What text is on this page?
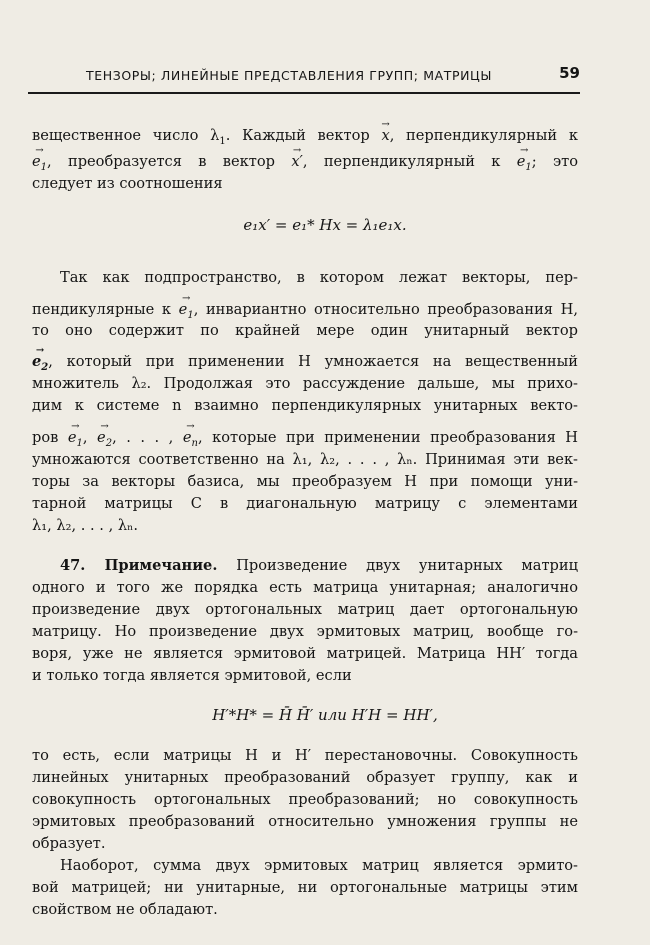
ТЕНЗОРЫ; ЛИНЕЙНЫЕ ПРЕДСТАВЛЕНИЯ ГРУПП; МАТРИЦЫ	59
вещественное число $\lambda_1$. Каждый вектор → x, перпендикулярный к
→ $e_1$, преобразуется в вектор → x′, перпендикулярный $к \to e_1$; это
следует из соотношения
e₁x′ = e₁* Hx = λ₁e₁x.
Так как подпространство, в котором лежат векторы, пер-
пендикулярные $к \to e_1$, инвариантно относительно преобразования H,
то оно содержит по крайней мере один унитарный вектор
→ $e_2$, который при применении H умножается на вещественный
множитель λ₂. Продолжая это рассуждение дальше, мы прихо-
дим к системе n взаимно перпендикулярных унитарных векто-
ров → $e_1$, → $e_2$, . . . , → $e_n$, которые при применении преобразования H
умножаются соответственно на λ₁, λ₂, . . . , λₙ. Принимая эти век-
торы за векторы базиса, мы преобразуем H при помощи уни-
тарной матрицы C в диагональную матрицу с элементами
λ₁, λ₂, . . . , λₙ.
47. Примечание. Произведение двух унитарных матриц
одного и того же порядка есть матрица унитарная; аналогично
произведение двух ортогональных матриц дает ортогональную
матрицу. Но произведение двух эрмитовых матриц, вообще го-
воря, уже не является эрмитовой матрицей. Матрица HH′ тогда
и только тогда является эрмитовой, если
H′*H* = H̄ H̄′ или H′H = HH′,
то есть, если матрицы H и H′ перестановочны. Совокупность
линейных унитарных преобразований образует группу, как и
совокупность ортогональных преобразований; но совокупность
эрмитовых преобразований относительно умножения группы не
образует.
Наоборот, сумма двух эрмитовых матриц является эрмито-
вой матрицей; ни унитарные, ни ортогональные матрицы этим
свойством не обладают.
